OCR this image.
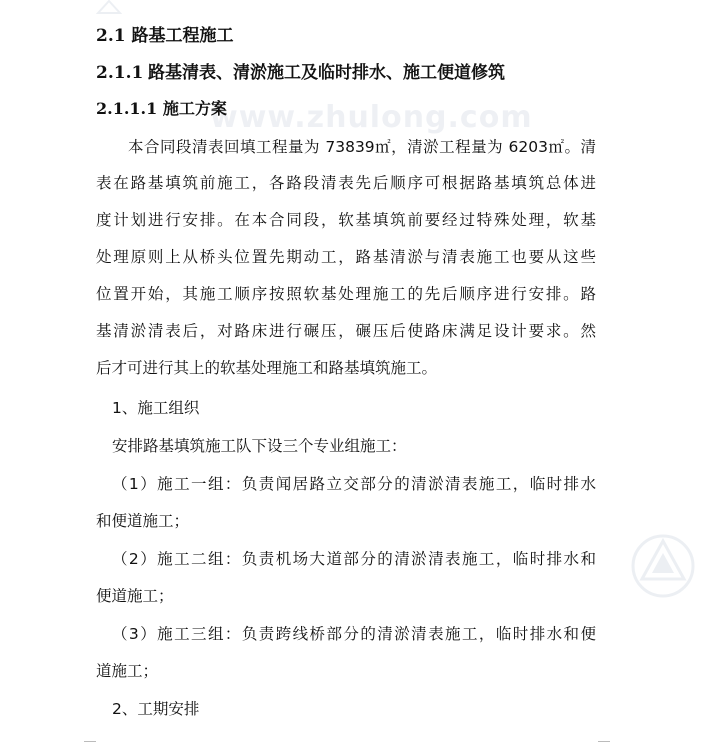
www.zhulong.com
2.1 路基工程施工
2.1.1 路基清表、清淤施工及临时排水、施工便道修筑
2.1.1.1 施工方案

本合同段清表回填工程量为 73839㎡，清淤工程量为 6203㎡。清

表在路基填筑前施工，各路段清表先后顺序可根据路基填筑总体进

度计划进行安排。在本合同段，软基填筑前要经过特殊处理，软基

处理原则上从桥头位置先期动工，路基清淤与清表施工也要从这些

位置开始，其施工顺序按照软基处理施工的先后顺序进行安排。路

基清淤清表后，对路床进行碾压，碾压后使路床满足设计要求。然

后才可进行其上的软基处理施工和路基填筑施工。

1、施工组织

安排路基填筑施工队下设三个专业组施工：

（1）施工一组：负责闻居路立交部分的清淤清表施工，临时排水

和便道施工；

（2）施工二组：负责机场大道部分的清淤清表施工，临时排水和

便道施工；

（3）施工三组：负责跨线桥部分的清淤清表施工，临时排水和便

道施工；

2、工期安排
